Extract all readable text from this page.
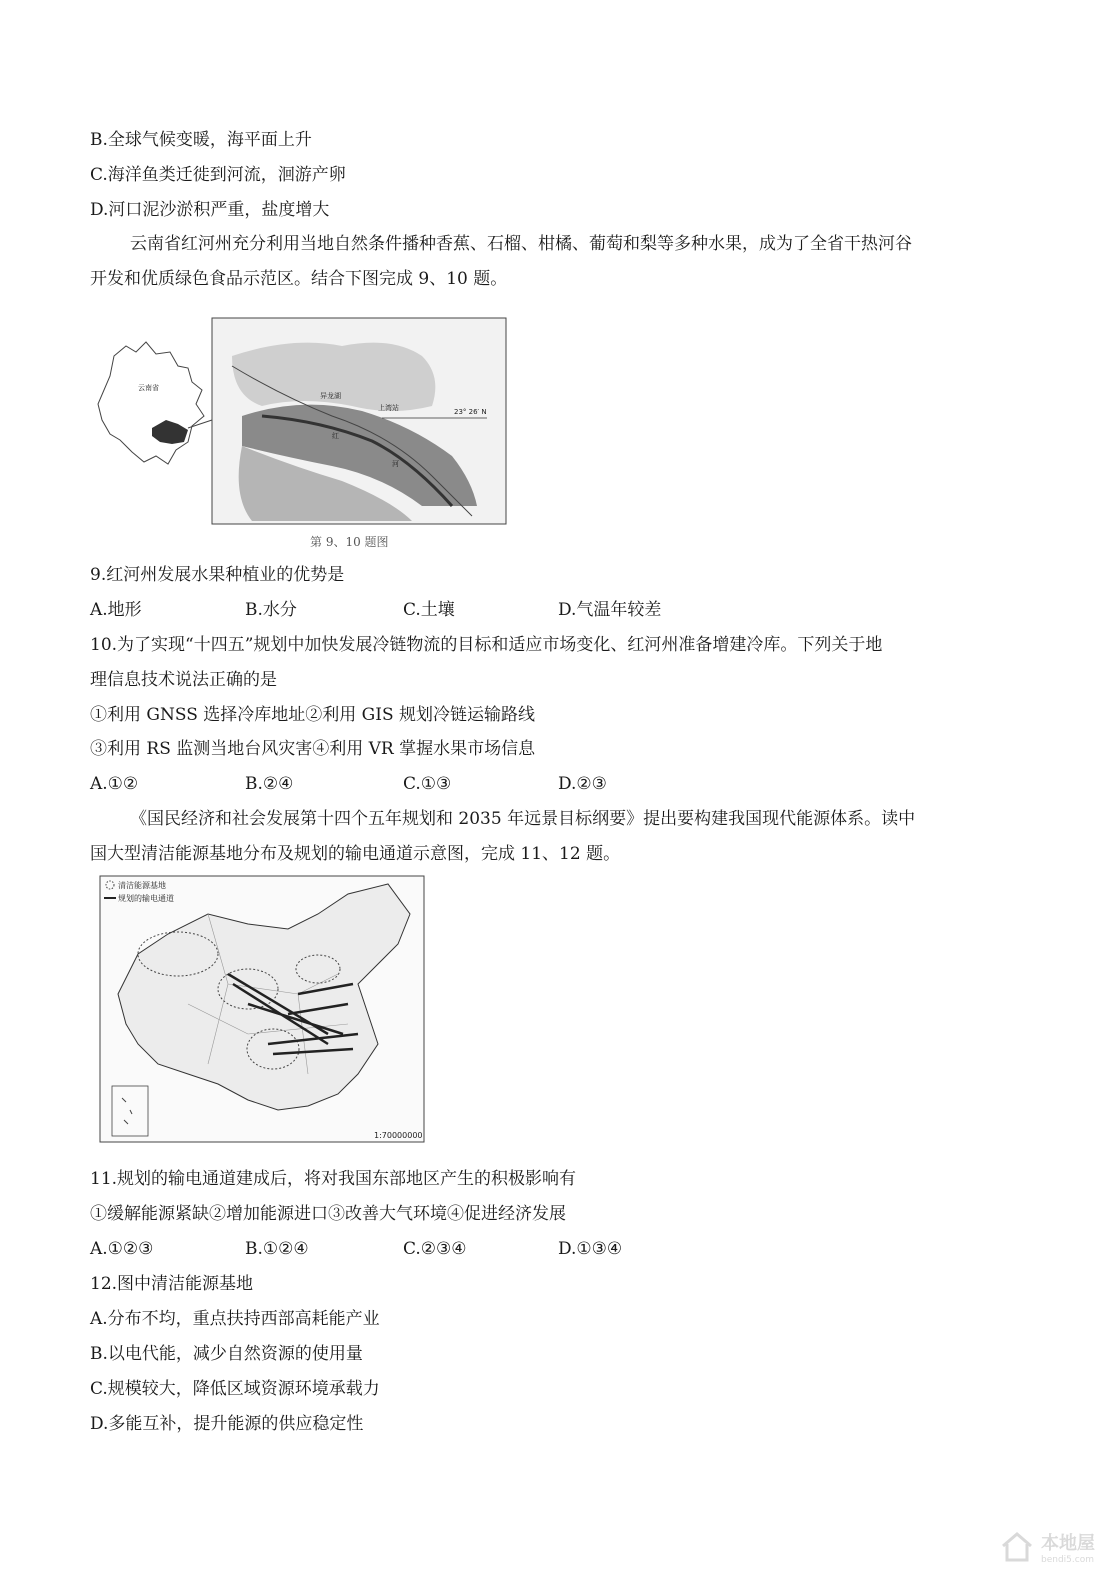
B.全球气候变暖，海平面上升
C.海洋鱼类迁徙到河流，洄游产卵
D.河口泥沙淤积严重，盐度增大
云南省红河州充分利用当地自然条件播种香蕉、石榴、柑橘、葡萄和梨等多种水果，成为了全省干热河谷
开发和优质绿色食品示范区。结合下图完成 9、10 题。
云南省
23° 26′ N
异龙湖
上湾站
红
河
第 9、10 题图
9.红河州发展水果种植业的优势是
A.地形	B.水分	C.土壤	D.气温年较差
10.为了实现“十四五”规划中加快发展冷链物流的目标和适应市场变化、红河州准备增建冷库。下列关于地
理信息技术说法正确的是
①利用 GNSS 选择冷库地址②利用 GIS 规划冷链运输路线
③利用 RS 监测当地台风灾害④利用 VR 掌握水果市场信息
A.①②	B.②④	C.①③	D.②③
《国民经济和社会发展第十四个五年规划和 2035 年远景目标纲要》提出要构建我国现代能源体系。读中
国大型清洁能源基地分布及规划的输电通道示意图，完成 11、12 题。
清洁能源基地
规划的输电通道
1:70000000
11.规划的输电通道建成后，将对我国东部地区产生的积极影响有
①缓解能源紧缺②增加能源进口③改善大气环境④促进经济发展
A.①②③	B.①②④	C.②③④	D.①③④
12.图中清洁能源基地
A.分布不均，重点扶持西部高耗能产业
B.以电代能，减少自然资源的使用量
C.规模较大，降低区域资源环境承载力
D.多能互补，提升能源的供应稳定性
本地屋
bendi5.com
